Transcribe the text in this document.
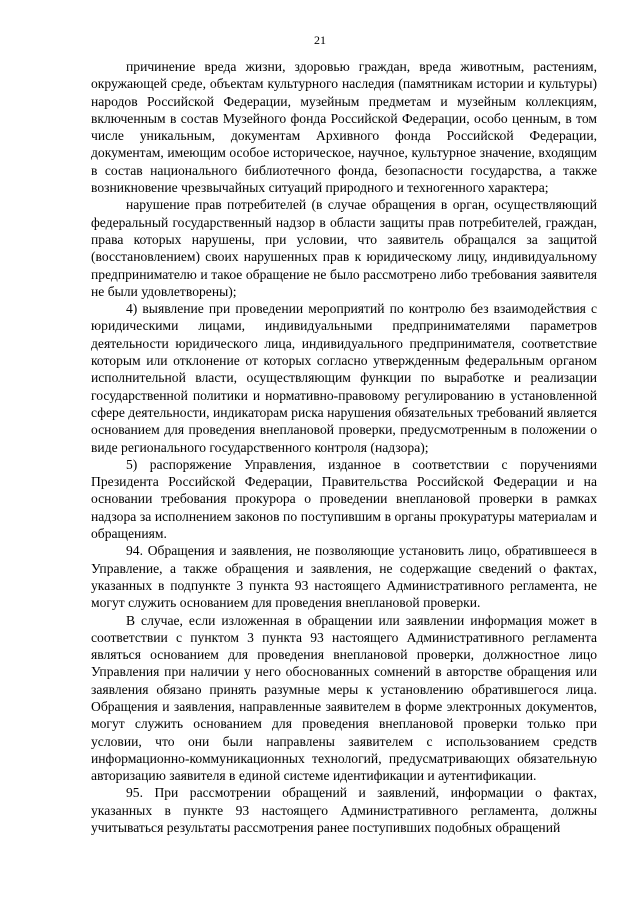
21

причинение вреда жизни, здоровью граждан, вреда животным, растениям, окружающей среде, объектам культурного наследия (памятникам истории и культуры) народов Российской Федерации, музейным предметам и музейным коллекциям, включенным в состав Музейного фонда Российской Федерации, особо ценным, в том числе уникальным, документам Архивного фонда Российской Федерации, документам, имеющим особое историческое, научное, культурное значение, входящим в состав национального библиотечного фонда, безопасности государства, а также возникновение чрезвычайных ситуаций природного и техногенного характера;

нарушение прав потребителей (в случае обращения в орган, осуществляющий федеральный государственный надзор в области защиты прав потребителей, граждан, права которых нарушены, при условии, что заявитель обращался за защитой (восстановлением) своих нарушенных прав к юридическому лицу, индивидуальному предпринимателю и такое обращение не было рассмотрено либо требования заявителя не были удовлетворены);

4) выявление при проведении мероприятий по контролю без взаимодействия с юридическими лицами, индивидуальными предпринимателями параметров деятельности юридического лица, индивидуального предпринимателя, соответствие которым или отклонение от которых согласно утвержденным федеральным органом исполнительной власти, осуществляющим функции по выработке и реализации государственной политики и нормативно-правовому регулированию в установленной сфере деятельности, индикаторам риска нарушения обязательных требований является основанием для проведения внеплановой проверки, предусмотренным в положении о виде регионального государственного контроля (надзора);

5) распоряжение Управления, изданное в соответствии с поручениями Президента Российской Федерации, Правительства Российской Федерации и на основании требования прокурора о проведении внеплановой проверки в рамках надзора за исполнением законов по поступившим в органы прокуратуры материалам и обращениям.

94. Обращения и заявления, не позволяющие установить лицо, обратившееся в Управление, а также обращения и заявления, не содержащие сведений о фактах, указанных в подпункте 3 пункта 93 настоящего Административного регламента, не могут служить основанием для проведения внеплановой проверки.

В случае, если изложенная в обращении или заявлении информация может в соответствии с пунктом 3 пункта 93 настоящего Административного регламента являться основанием для проведения внеплановой проверки, должностное лицо Управления при наличии у него обоснованных сомнений в авторстве обращения или заявления обязано принять разумные меры к установлению обратившегося лица. Обращения и заявления, направленные заявителем в форме электронных документов, могут служить основанием для проведения внеплановой проверки только при условии, что они были направлены заявителем с использованием средств информационно-коммуникационных технологий, предусматривающих обязательную авторизацию заявителя в единой системе идентификации и аутентификации.

95. При рассмотрении обращений и заявлений, информации о фактах, указанных в пункте 93 настоящего Административного регламента, должны учитываться результаты рассмотрения ранее поступивших подобных обращений
